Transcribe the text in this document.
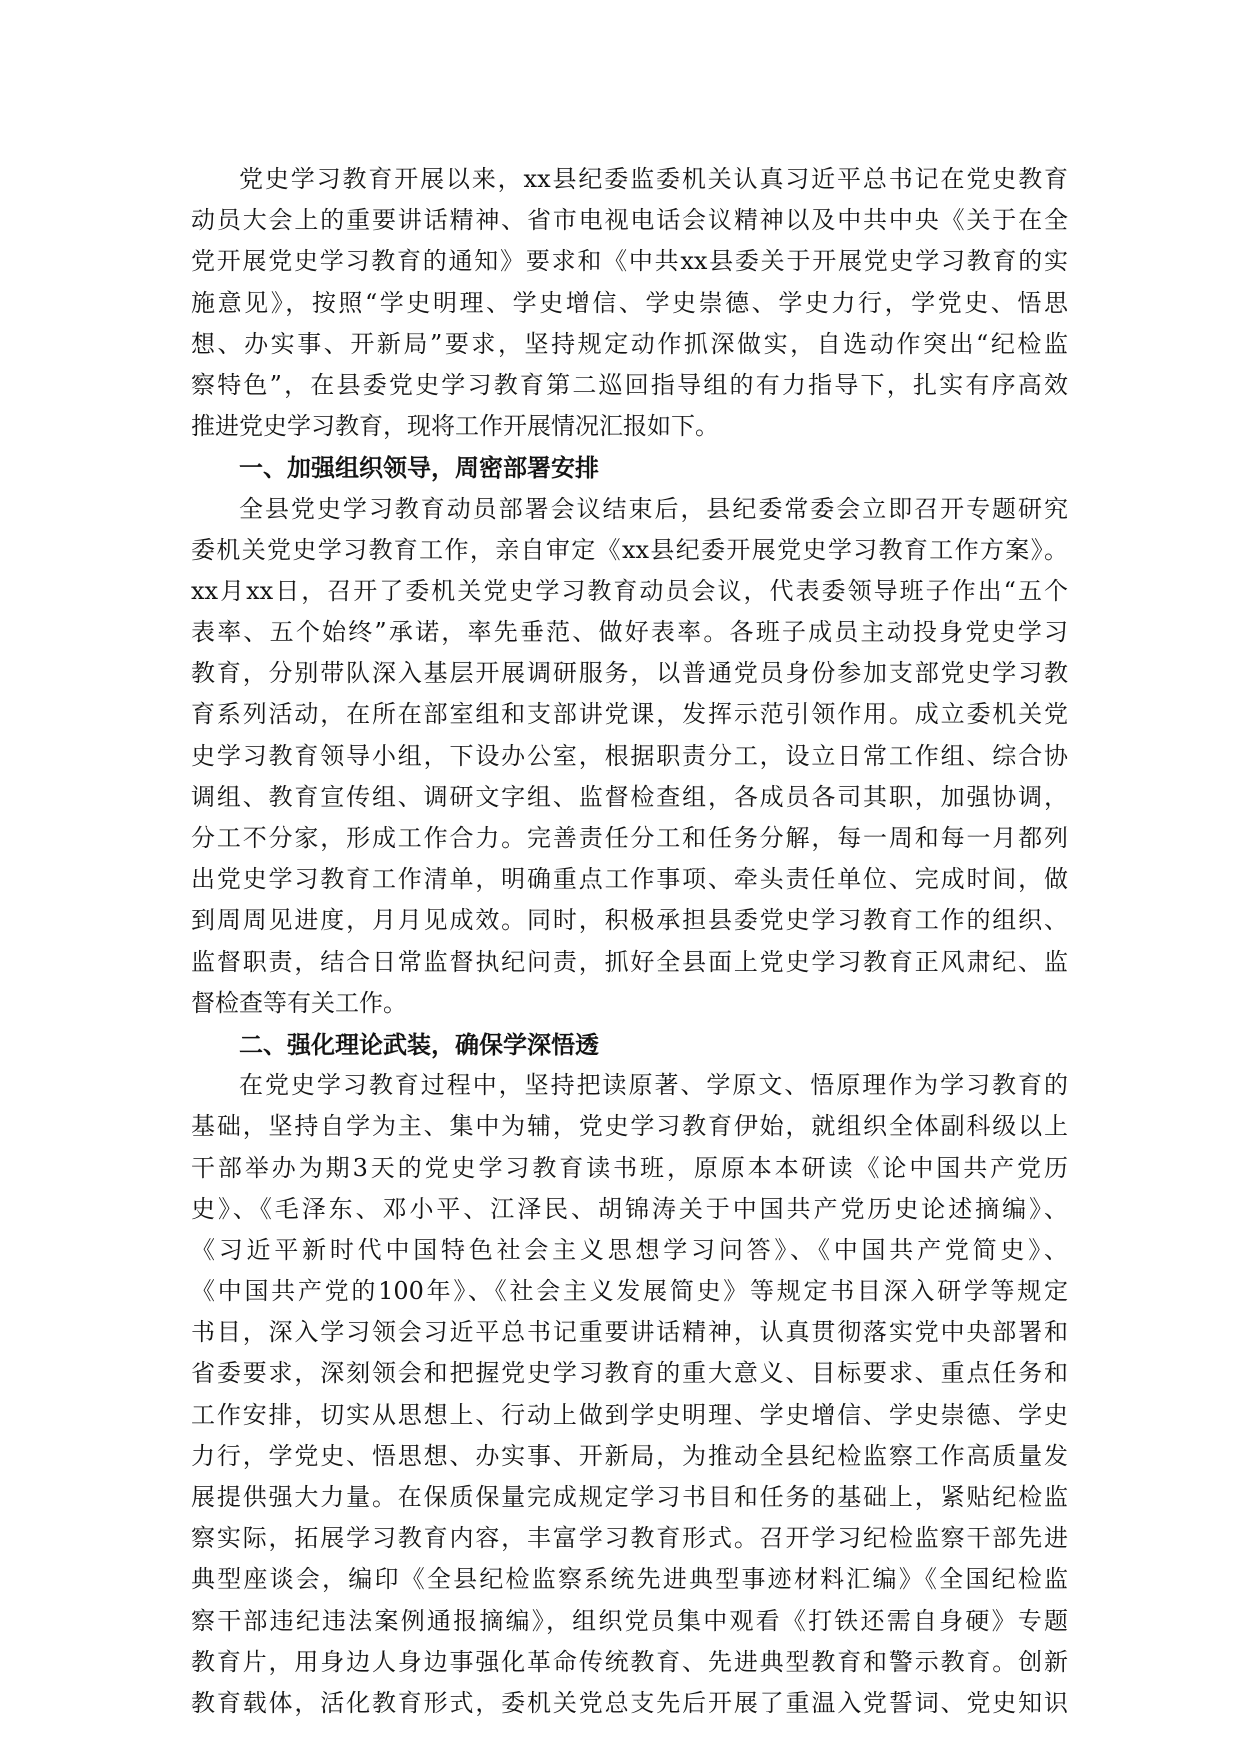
党史学习教育开展以来，xx县纪委监委机关认真习近平总书记在党史教育
动员大会上的重要讲话精神、省市电视电话会议精神以及中共中央《关于在全
党开展党史学习教育的通知》要求和《中共xx县委关于开展党史学习教育的实
施意见》，按照“学史明理、学史增信、学史崇德、学史力行，学党史、悟思
想、办实事、开新局”要求，坚持规定动作抓深做实，自选动作突出“纪检监
察特色”，在县委党史学习教育第二巡回指导组的有力指导下，扎实有序高效
推进党史学习教育，现将工作开展情况汇报如下。
一、加强组织领导，周密部署安排
全县党史学习教育动员部署会议结束后，县纪委常委会立即召开专题研究
委机关党史学习教育工作，亲自审定《xx县纪委开展党史学习教育工作方案》。
xx月xx日，召开了委机关党史学习教育动员会议，代表委领导班子作出“五个
表率、五个始终”承诺，率先垂范、做好表率。各班子成员主动投身党史学习
教育，分别带队深入基层开展调研服务，以普通党员身份参加支部党史学习教
育系列活动，在所在部室组和支部讲党课，发挥示范引领作用。成立委机关党
史学习教育领导小组，下设办公室，根据职责分工，设立日常工作组、综合协
调组、教育宣传组、调研文字组、监督检查组，各成员各司其职，加强协调，
分工不分家，形成工作合力。完善责任分工和任务分解，每一周和每一月都列
出党史学习教育工作清单，明确重点工作事项、牵头责任单位、完成时间，做
到周周见进度，月月见成效。同时，积极承担县委党史学习教育工作的组织、
监督职责，结合日常监督执纪问责，抓好全县面上党史学习教育正风肃纪、监
督检查等有关工作。
二、强化理论武装，确保学深悟透
在党史学习教育过程中，坚持把读原著、学原文、悟原理作为学习教育的
基础，坚持自学为主、集中为辅，党史学习教育伊始，就组织全体副科级以上
干部举办为期3天的党史学习教育读书班，原原本本研读《论中国共产党历
史》、《毛泽东、邓小平、江泽民、胡锦涛关于中国共产党历史论述摘编》、
《习近平新时代中国特色社会主义思想学习问答》、《中国共产党简史》、
《中国共产党的100年》、《社会主义发展简史》等规定书目深入研学等规定
书目，深入学习领会习近平总书记重要讲话精神，认真贯彻落实党中央部署和
省委要求，深刻领会和把握党史学习教育的重大意义、目标要求、重点任务和
工作安排，切实从思想上、行动上做到学史明理、学史增信、学史崇德、学史
力行，学党史、悟思想、办实事、开新局，为推动全县纪检监察工作高质量发
展提供强大力量。在保质保量完成规定学习书目和任务的基础上，紧贴纪检监
察实际，拓展学习教育内容，丰富学习教育形式。召开学习纪检监察干部先进
典型座谈会，编印《全县纪检监察系统先进典型事迹材料汇编》《全国纪检监
察干部违纪违法案例通报摘编》，组织党员集中观看《打铁还需自身硬》专题
教育片，用身边人身边事强化革命传统教育、先进典型教育和警示教育。创新
教育载体，活化教育形式，委机关党总支先后开展了重温入党誓词、党史知识
